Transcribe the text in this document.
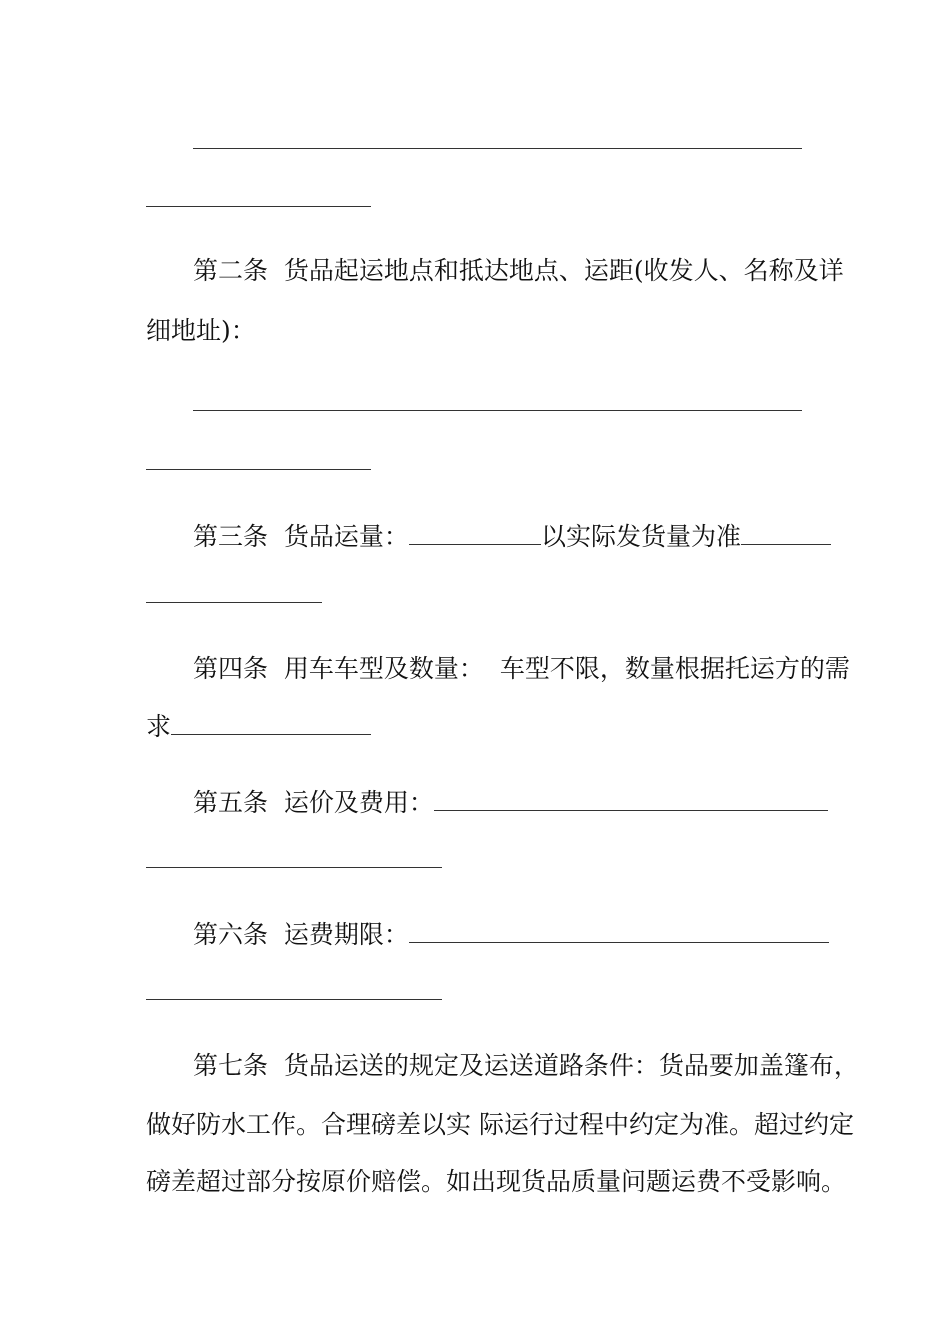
第二条 货品起运地点和抵达地点、运距(收发人、名称及详
细地址)：
第三条 货品运量：	以实际发货量为准
第四条 用车车型及数量： 车型不限，数量根据托运方的需
求
第五条 运价及费用：
第六条 运费期限：
第七条 货品运送的规定及运送道路条件：货品要加盖篷布，
做好防水工作。合理磅差以实 际运行过程中约定为准。超过约定
磅差超过部分按原价赔偿。如出现货品质量问题运费不受影响。
